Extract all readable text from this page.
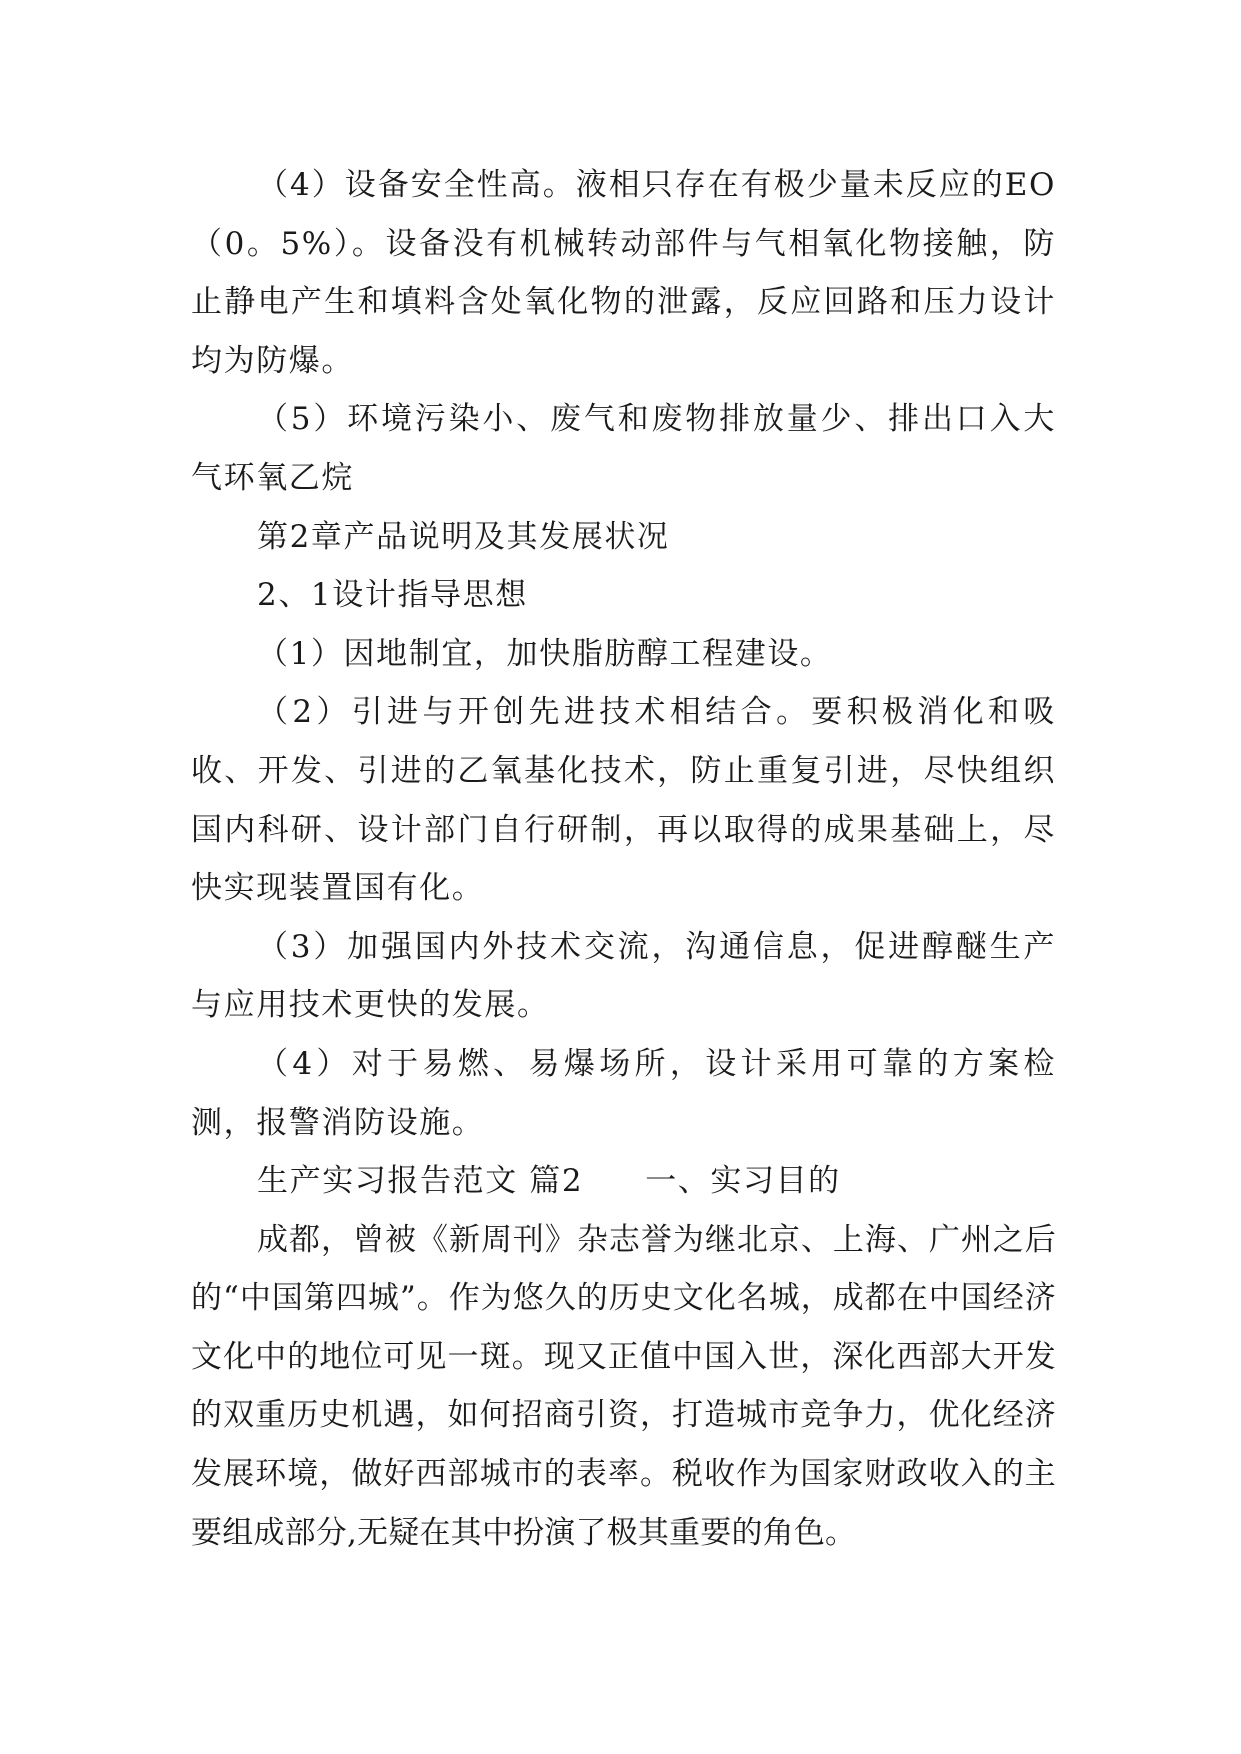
（4）设备安全性高。液相只存在有极少量未反应的EO（0。5%）。设备没有机械转动部件与气相氧化物接触，防止静电产生和填料含处氧化物的泄露，反应回路和压力设计均为防爆。

（5）环境污染小、废气和废物排放量少、排出口入大气环氧乙烷

第2章产品说明及其发展状况

2、1设计指导思想

（1）因地制宜，加快脂肪醇工程建设。

（2）引进与开创先进技术相结合。要积极消化和吸收、开发、引进的乙氧基化技术，防止重复引进，尽快组织国内科研、设计部门自行研制，再以取得的成果基础上，尽快实现装置国有化。

（3）加强国内外技术交流，沟通信息，促进醇醚生产与应用技术更快的发展。

（4）对于易燃、易爆场所，设计采用可靠的方案检测，报警消防设施。

生产实习报告范文 篇2 一、实习目的

成都，曾被《新周刊》杂志誉为继北京、上海、广州之后的“中国第四城”。作为悠久的历史文化名城，成都在中国经济文化中的地位可见一斑。现又正值中国入世，深化西部大开发的双重历史机遇，如何招商引资，打造城市竞争力，优化经济发展环境，做好西部城市的表率。税收作为国家财政收入的主要组成部分,无疑在其中扮演了极其重要的角色。
